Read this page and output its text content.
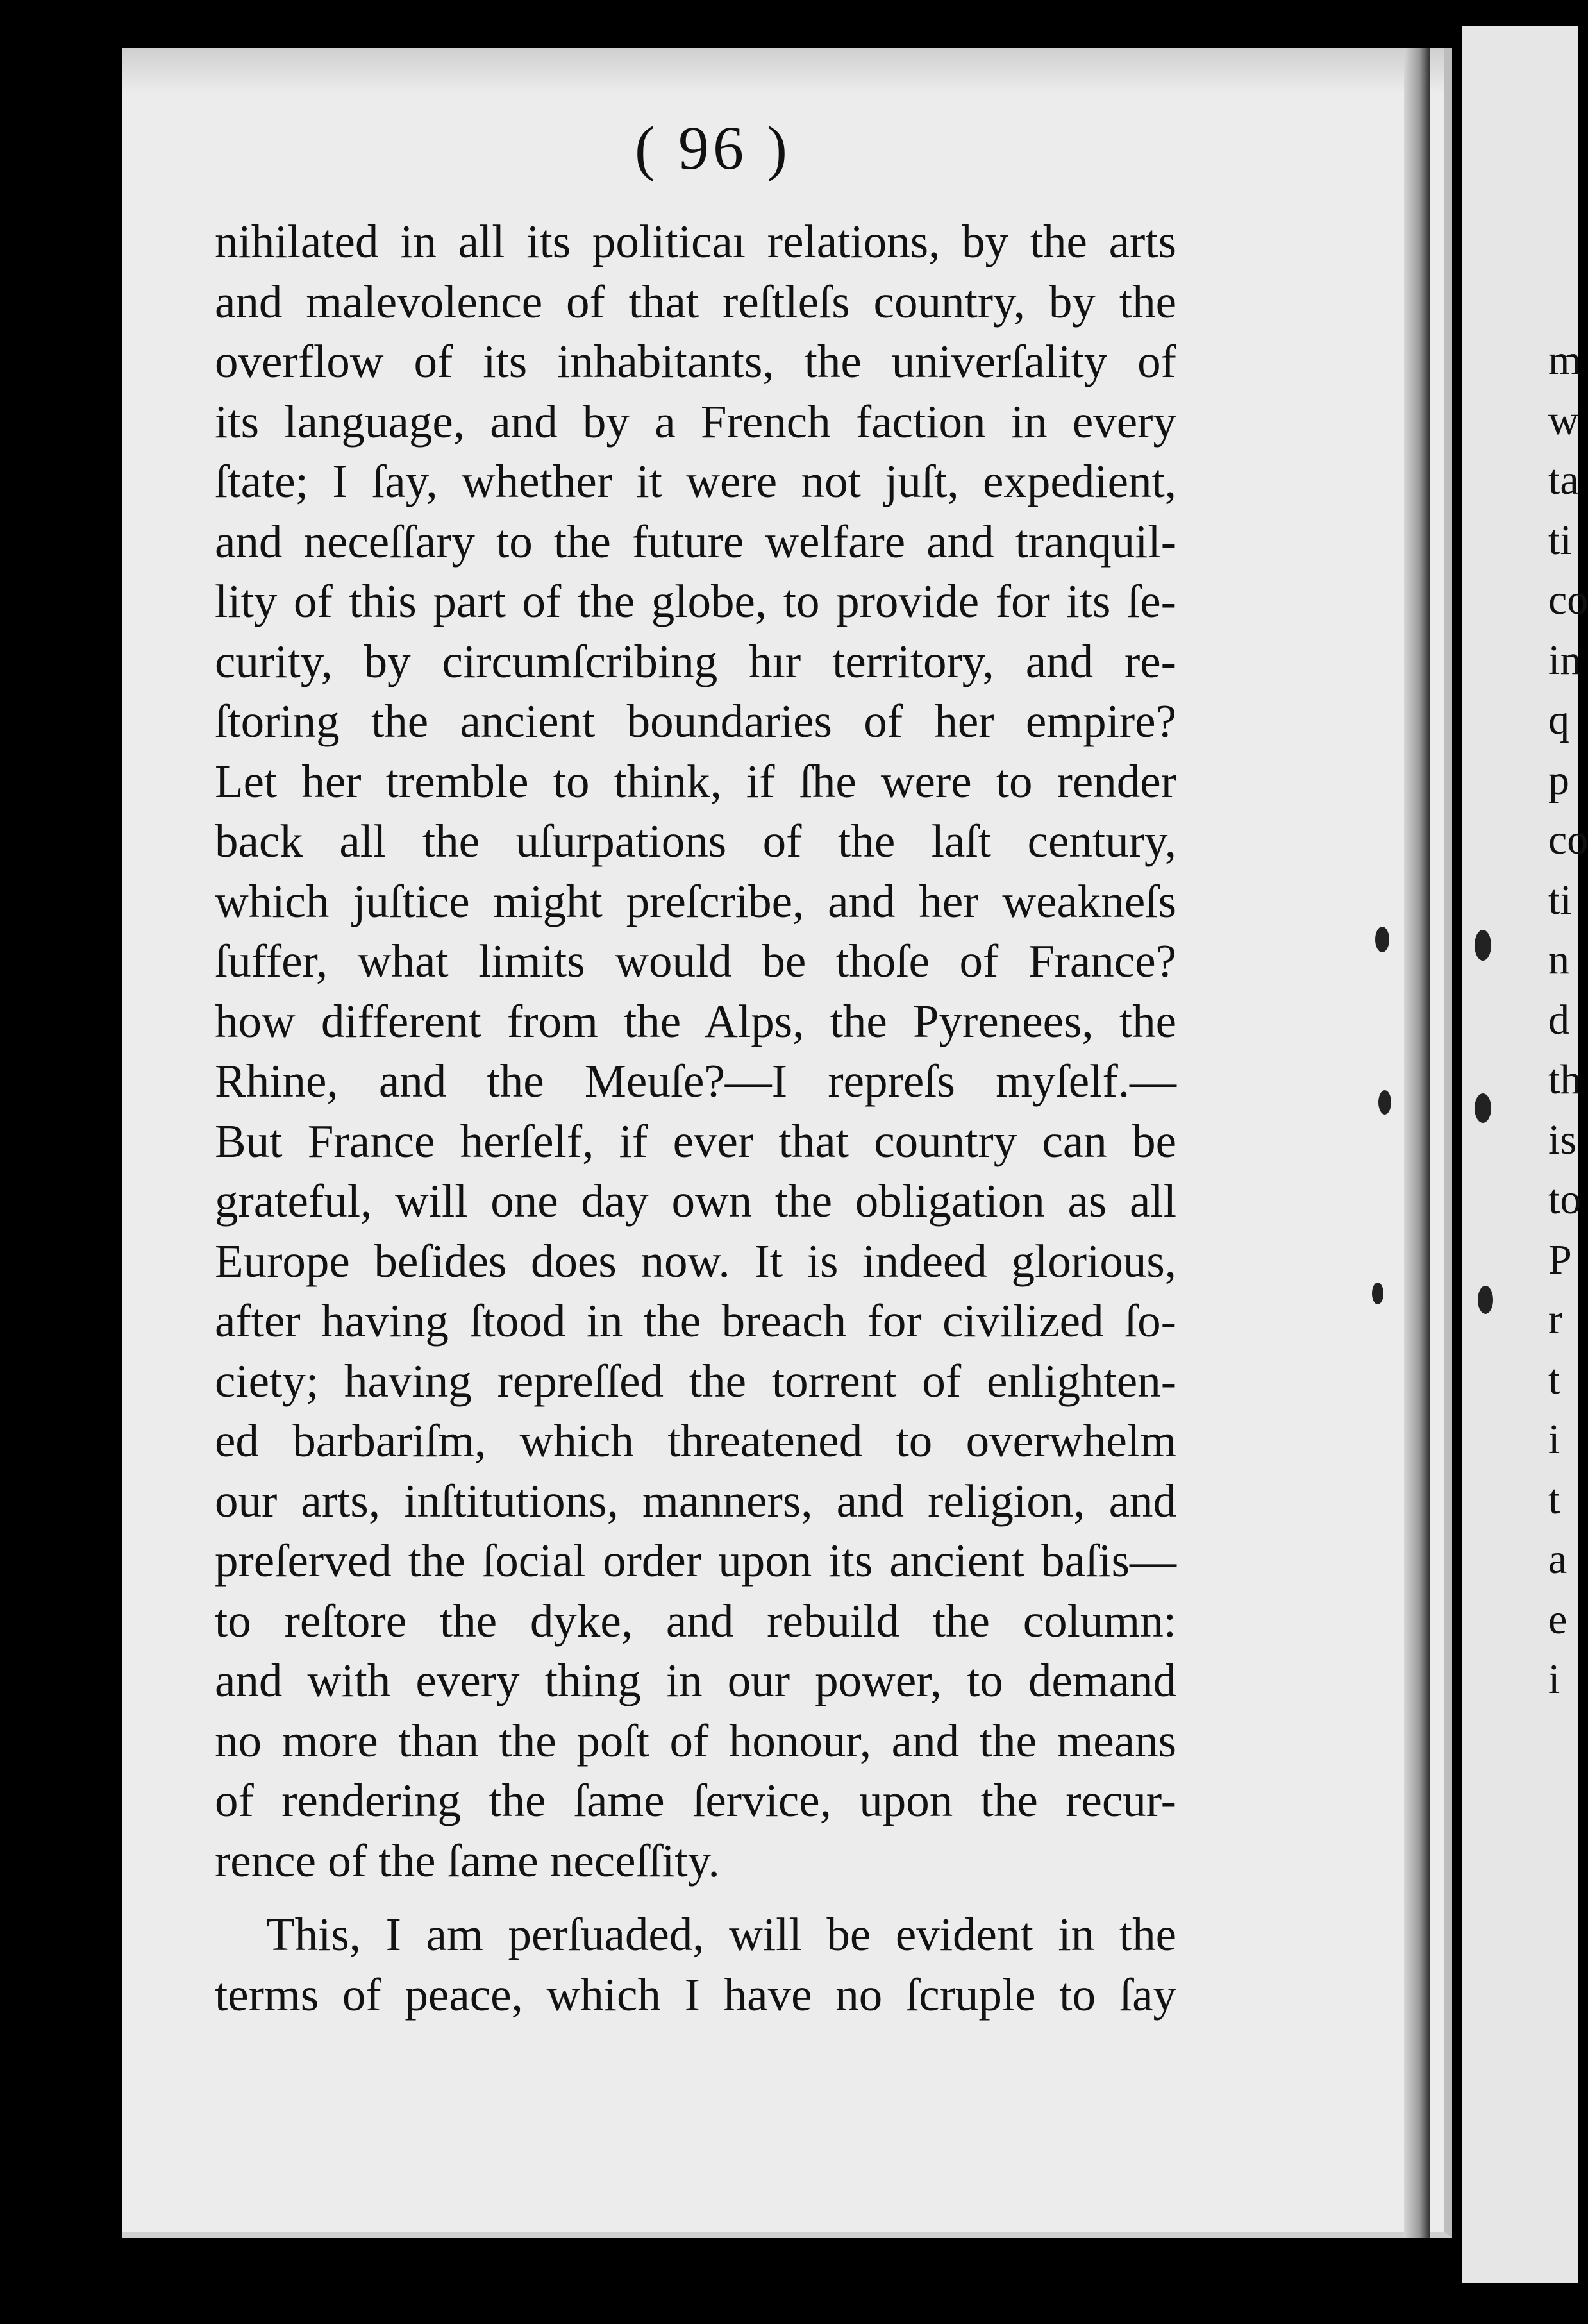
( 96 )
nihilated in all its politicaı relations, by the arts
and malevolence of that reſtleſs country, by the
overflow of its inhabitants, the univerſality of
its language, and by a French faction in every
ſtate; I ſay, whether it were not juſt, expedient,
and neceſſary to the future welfare and tranquil-
lity of this part of the globe, to provide for its ſe-
curity, by circumſcribing hır territory, and re-
ſtoring the ancient boundaries of her empire?
Let her tremble to think, if ſhe were to render
back all the uſurpations of the laſt century,
which juſtice might preſcribe, and her weakneſs
ſuffer, what limits would be thoſe of France?
how different from the Alps, the Pyrenees, the
Rhine, and the Meuſe?—I repreſs myſelf.—
But France herſelf, if ever that country can be
grateful, will one day own the obligation as all
Europe beſides does now. It is indeed glorious,
after having ſtood in the breach for civilized ſo-
ciety; having repreſſed the torrent of enlighten-
ed barbariſm, which threatened to overwhelm
our arts, inſtitutions, manners, and religion, and
preſerved the ſocial order upon its ancient baſis—
to reſtore the dyke, and rebuild the column:
and with every thing in our power, to demand
no more than the poſt of honour, and the means
of rendering the ſame ſervice, upon the recur-
rence of the ſame neceſſity.
This, I am perſuaded, will be evident in the
terms of peace, which I have no ſcruple to ſay
m
w
ta
ti
co
in
q
p
co
ti
n
d
th
is
to
P
r
t
i
t
a
e
i
